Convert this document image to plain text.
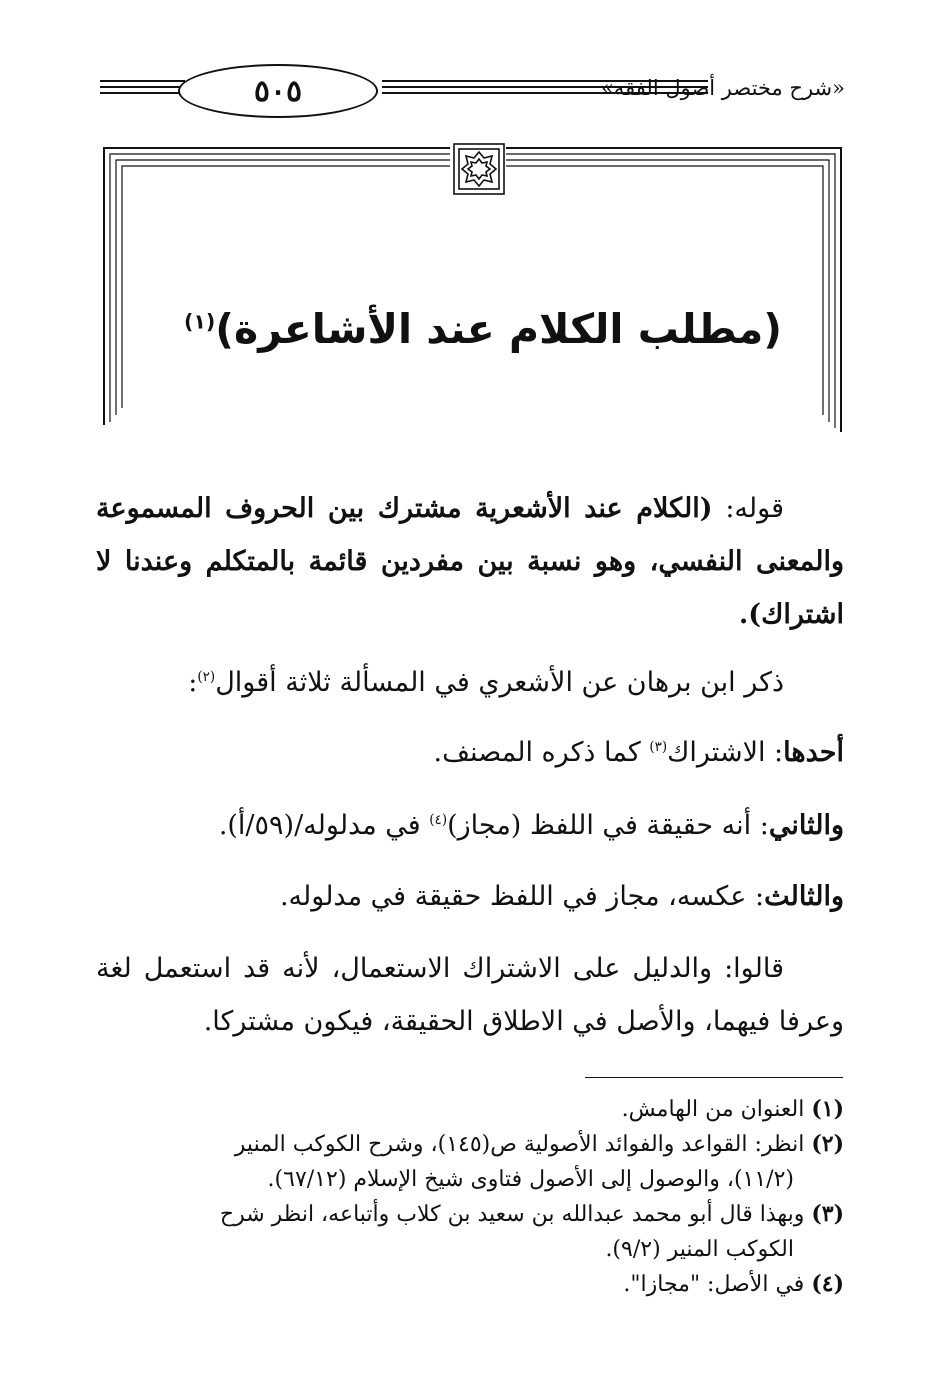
٥٠٥	«شرح مختصر أصول الفقه»
(مطلب الكلام عند الأشاعرة)$^{(١)}$
قوله: (الكلام عند الأشعرية مشترك بين الحروف المسموعة والمعنى النفسي، وهو نسبة بين مفردين قائمة بالمتكلم وعندنا لا اشتراك).
ذكر ابن برهان عن الأشعري في المسألة ثلاثة أقوال$^{(٢)}$:
أحدها: الاشتراك$^{(٣)}$ كما ذكره المصنف.
والثاني: أنه حقيقة في اللفظ (مجاز)$^{(٤)}$ في مدلوله/(٥٩/أ).
والثالث: عكسه، مجاز في اللفظ حقيقة في مدلوله.
قالوا: والدليل على الاشتراك الاستعمال، لأنه قد استعمل لغة وعرفا فيهما، والأصل في الاطلاق الحقيقة، فيكون مشتركا.

(١) العنوان من الهامش.

(٢) انظر: القواعد والفوائد الأصولية ص(١٤٥)، وشرح الكوكب المنير
(١١/٢)، والوصول إلى الأصول فتاوى شيخ الإسلام (٦٧/١٢).

(٣) وبهذا قال أبو محمد عبدالله بن سعيد بن كلاب وأتباعه، انظر شرح
الكوكب المنير (٩/٢).

(٤) في الأصل: "مجازا".
